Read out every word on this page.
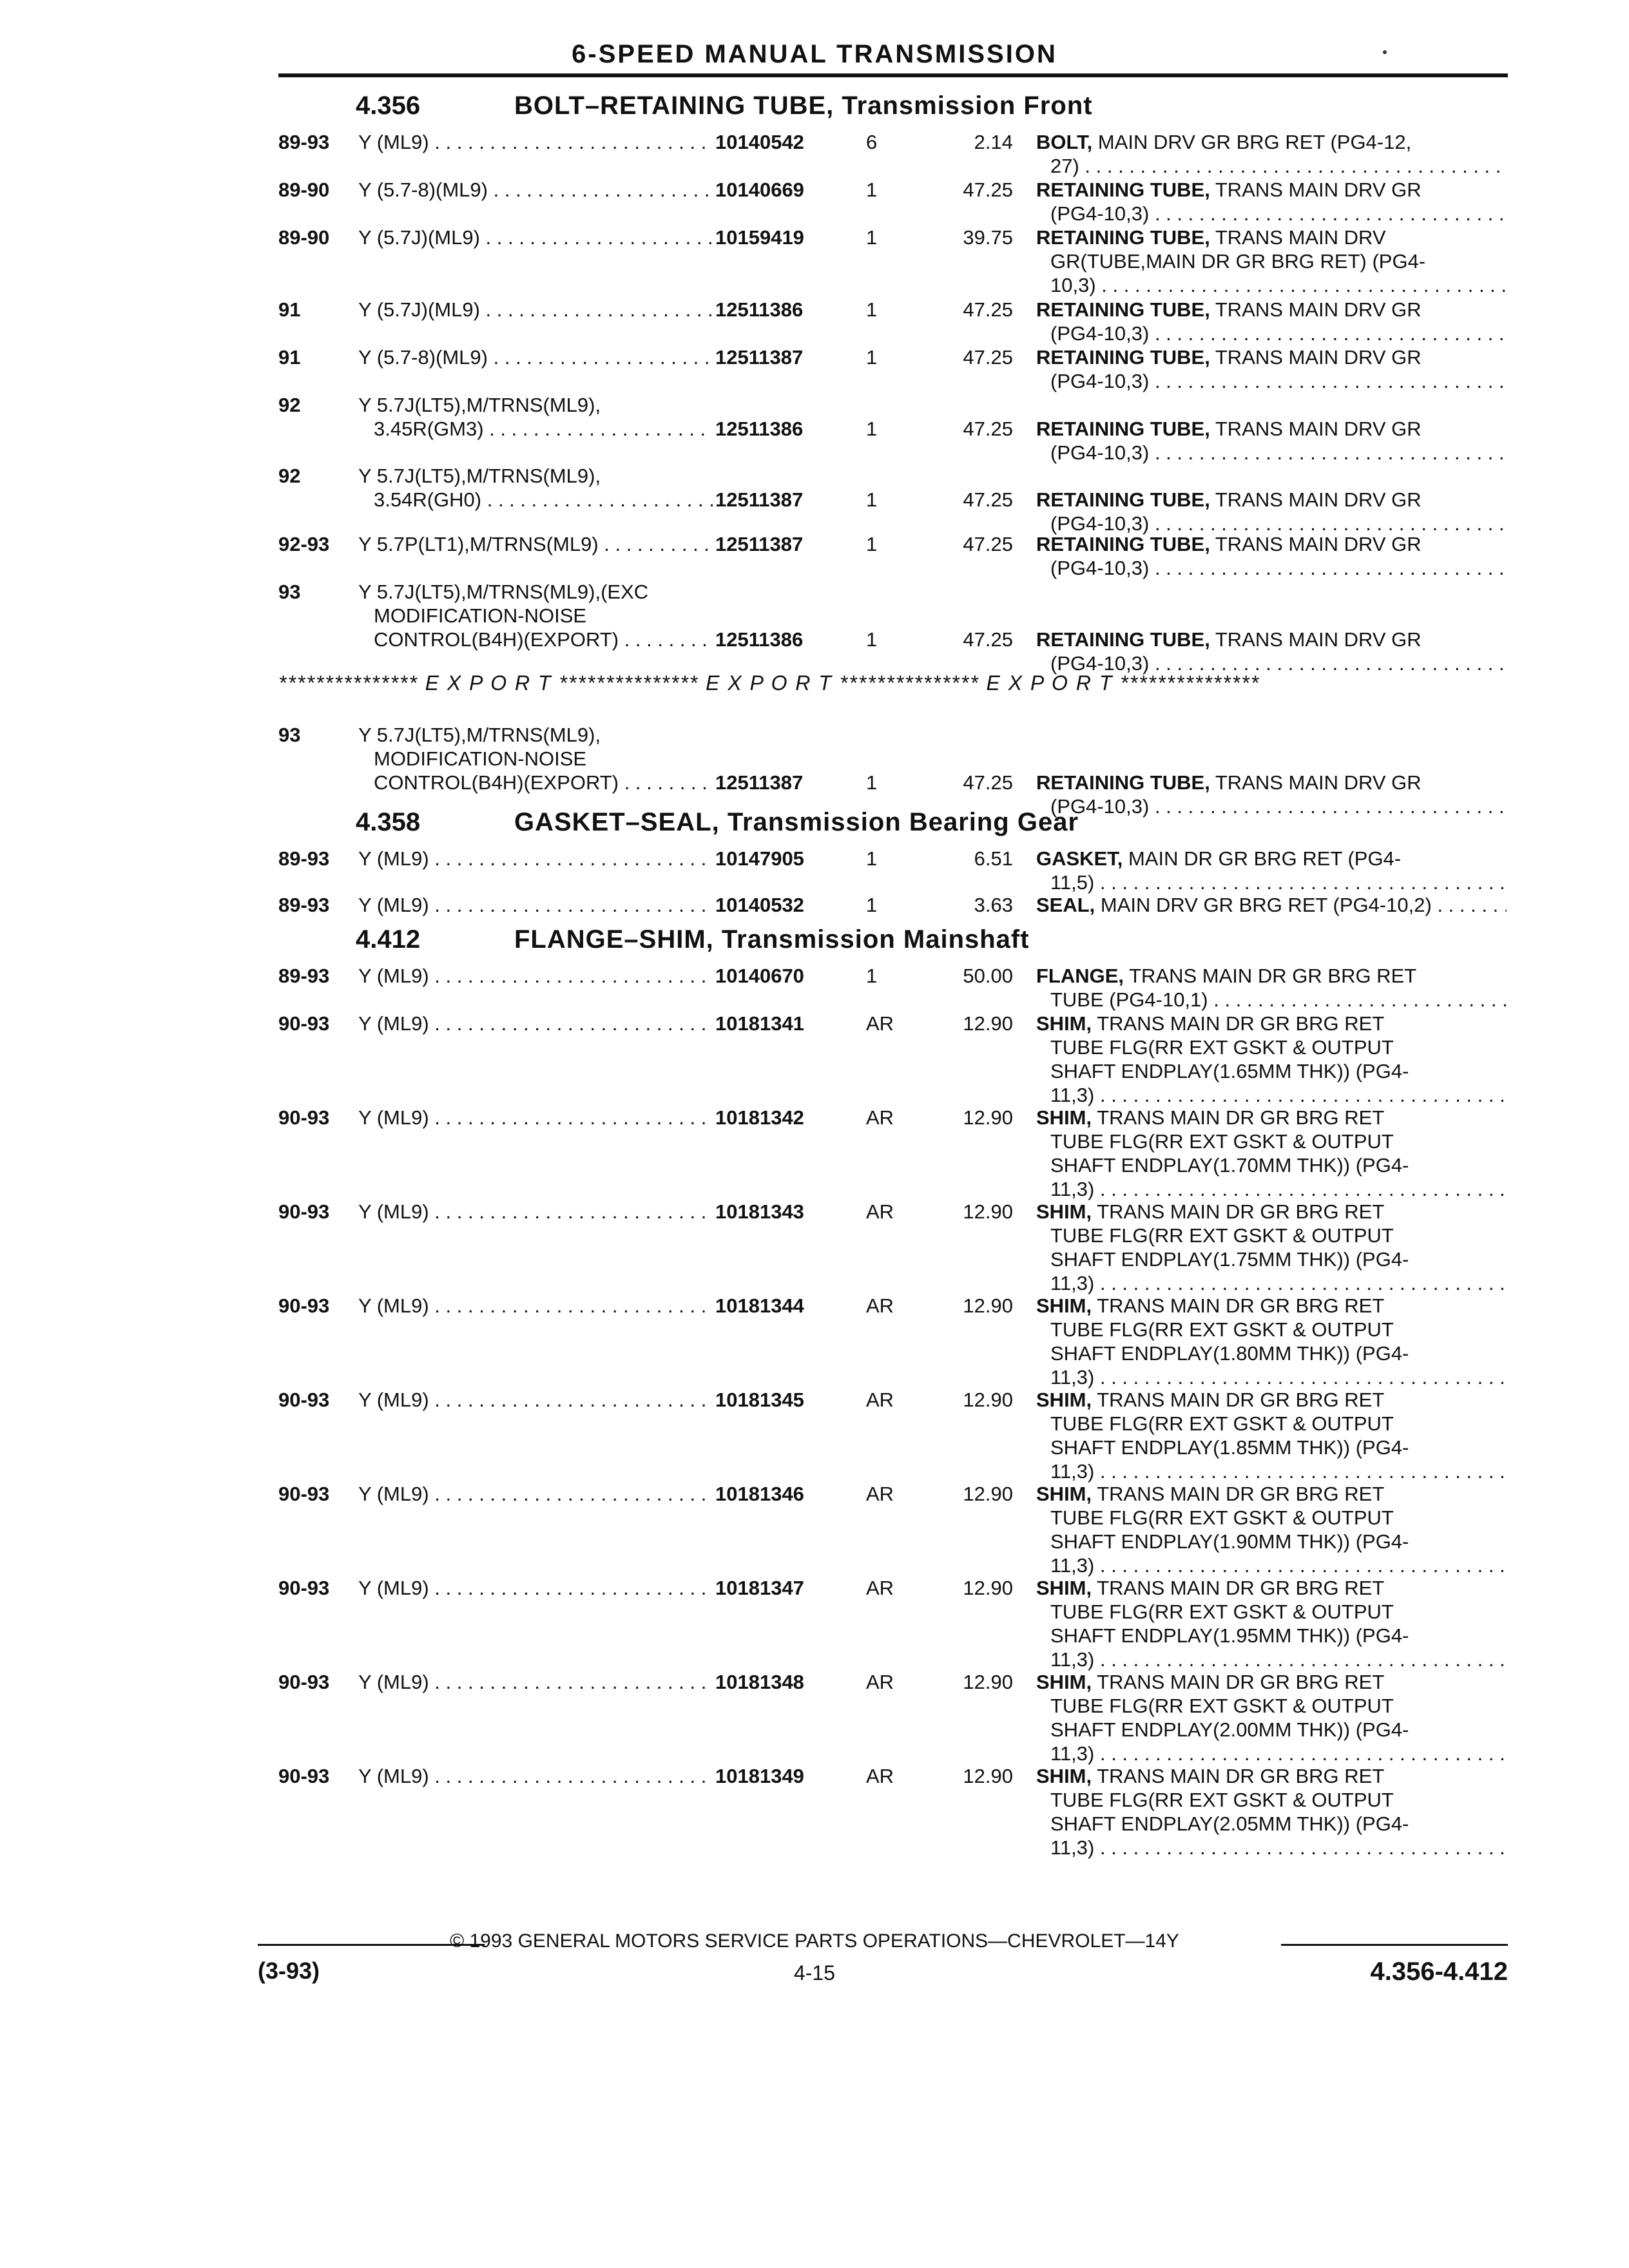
6-SPEED MANUAL TRANSMISSION
4.356	BOLT–RETAINING TUBE, Transmission Front
89-93 Y (ML9) . . .	10140542	6	2.14 BOLT, MAIN DRV GR BRG RET (PG4-12,
27) . . .
89-90 Y (5.7-8)(ML9) . . .	10140669	1	47.25 RETAINING TUBE, TRANS MAIN DRV GR
(PG4-10,3) . . .
89-90 Y (5.7J)(ML9) . . .	10159419	1	39.75 RETAINING TUBE, TRANS MAIN DRV
GR(TUBE,MAIN DR GR BRG RET) (PG4-
10,3) . . .
91	Y (5.7J)(ML9) . . .	12511386	1	47.25 RETAINING TUBE, TRANS MAIN DRV GR
(PG4-10,3) . . .
91	Y (5.7-8)(ML9) . . .	12511387	1	47.25 RETAINING TUBE, TRANS MAIN DRV GR
(PG4-10,3) . . .
92	Y 5.7J(LT5),M/TRNS(ML9),
3.45R(GM3) . . .	12511386	1	47.25 RETAINING TUBE, TRANS MAIN DRV GR
(PG4-10,3) . . .
92	Y 5.7J(LT5),M/TRNS(ML9),
3.54R(GH0) . . .	12511387	1	47.25 RETAINING TUBE, TRANS MAIN DRV GR
(PG4-10,3) . . .
92-93 Y 5.7P(LT1),M/TRNS(ML9) . . .	12511387	1	47.25 RETAINING TUBE, TRANS MAIN DRV GR
(PG4-10,3) . . .
93	Y 5.7J(LT5),M/TRNS(ML9),(EXC
MODIFICATION-NOISE
CONTROL(B4H)(EXPORT) . . .	12511386	1	47.25 RETAINING TUBE, TRANS MAIN DRV GR
(PG4-10,3) . . .
93	Y 5.7J(LT5),M/TRNS(ML9),
MODIFICATION-NOISE
CONTROL(B4H)(EXPORT) . . .	12511387	1	47.25 RETAINING TUBE, TRANS MAIN DRV GR
(PG4-10,3) . . .
4.358	GASKET–SEAL, Transmission Bearing Gear
89-93 Y (ML9) . . .	10147905	1	6.51 GASKET, MAIN DR GR BRG RET (PG4-
11,5) . . .
89-93 Y (ML9) . . .	10140532	1	3.63 SEAL, MAIN DRV GR BRG RET (PG4-10,2) . . .
4.412	FLANGE–SHIM, Transmission Mainshaft
89-93 Y (ML9) . . .	10140670	1	50.00 FLANGE, TRANS MAIN DR GR BRG RET
TUBE (PG4-10,1) . . .
90-93 Y (ML9) . . .	10181341	AR	12.90 SHIM, TRANS MAIN DR GR BRG RET
TUBE FLG(RR EXT GSKT & OUTPUT
SHAFT ENDPLAY(1.65MM THK)) (PG4-
11,3) . . .
90-93 Y (ML9) . . .	10181342	AR	12.90 SHIM, TRANS MAIN DR GR BRG RET
TUBE FLG(RR EXT GSKT & OUTPUT
SHAFT ENDPLAY(1.70MM THK)) (PG4-
11,3) . . .
90-93 Y (ML9) . . .	10181343	AR	12.90 SHIM, TRANS MAIN DR GR BRG RET
TUBE FLG(RR EXT GSKT & OUTPUT
SHAFT ENDPLAY(1.75MM THK)) (PG4-
11,3) . . .
90-93 Y (ML9) . . .	10181344	AR	12.90 SHIM, TRANS MAIN DR GR BRG RET
TUBE FLG(RR EXT GSKT & OUTPUT
SHAFT ENDPLAY(1.80MM THK)) (PG4-
11,3) . . .
90-93 Y (ML9) . . .	10181345	AR	12.90 SHIM, TRANS MAIN DR GR BRG RET
TUBE FLG(RR EXT GSKT & OUTPUT
SHAFT ENDPLAY(1.85MM THK)) (PG4-
11,3) . . .
90-93 Y (ML9) . . .	10181346	AR	12.90 SHIM, TRANS MAIN DR GR BRG RET
TUBE FLG(RR EXT GSKT & OUTPUT
SHAFT ENDPLAY(1.90MM THK)) (PG4-
11,3) . . .
90-93 Y (ML9) . . .	10181347	AR	12.90 SHIM, TRANS MAIN DR GR BRG RET
TUBE FLG(RR EXT GSKT & OUTPUT
SHAFT ENDPLAY(1.95MM THK)) (PG4-
11,3) . . .
90-93 Y (ML9) . . .	10181348	AR	12.90 SHIM, TRANS MAIN DR GR BRG RET
TUBE FLG(RR EXT GSKT & OUTPUT
SHAFT ENDPLAY(2.00MM THK)) (PG4-
11,3) . . .
90-93 Y (ML9) . . .	10181349	AR	12.90 SHIM, TRANS MAIN DR GR BRG RET
TUBE FLG(RR EXT GSKT & OUTPUT
SHAFT ENDPLAY(2.05MM THK)) (PG4-
11,3) . . .
*************** E X P O R T *************** E X P O R T *************** E X P O R T ***************
© 1993 GENERAL MOTORS SERVICE PARTS OPERATIONS—CHEVROLET—14Y
(3-93)	4-15	4.356-4.412
